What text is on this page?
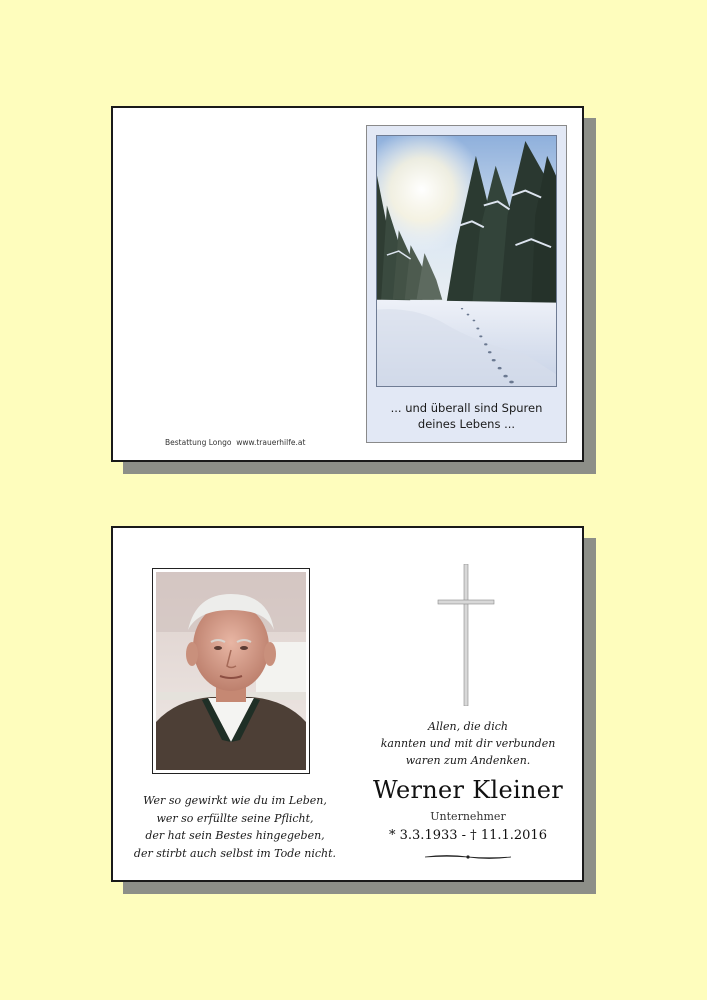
Bestattung Longo www.trauerhilfe.at
... und überall sind Spuren
deines Lebens ...
Wer so gewirkt wie du im Leben,
wer so erfüllte seine Pflicht,
der hat sein Bestes hingegeben,
der stirbt auch selbst im Tode nicht.
Allen, die dich
kannten und mit dir verbunden
waren zum Andenken.
Werner Kleiner
Unternehmer
* 3.3.1933 - † 11.1.2016
